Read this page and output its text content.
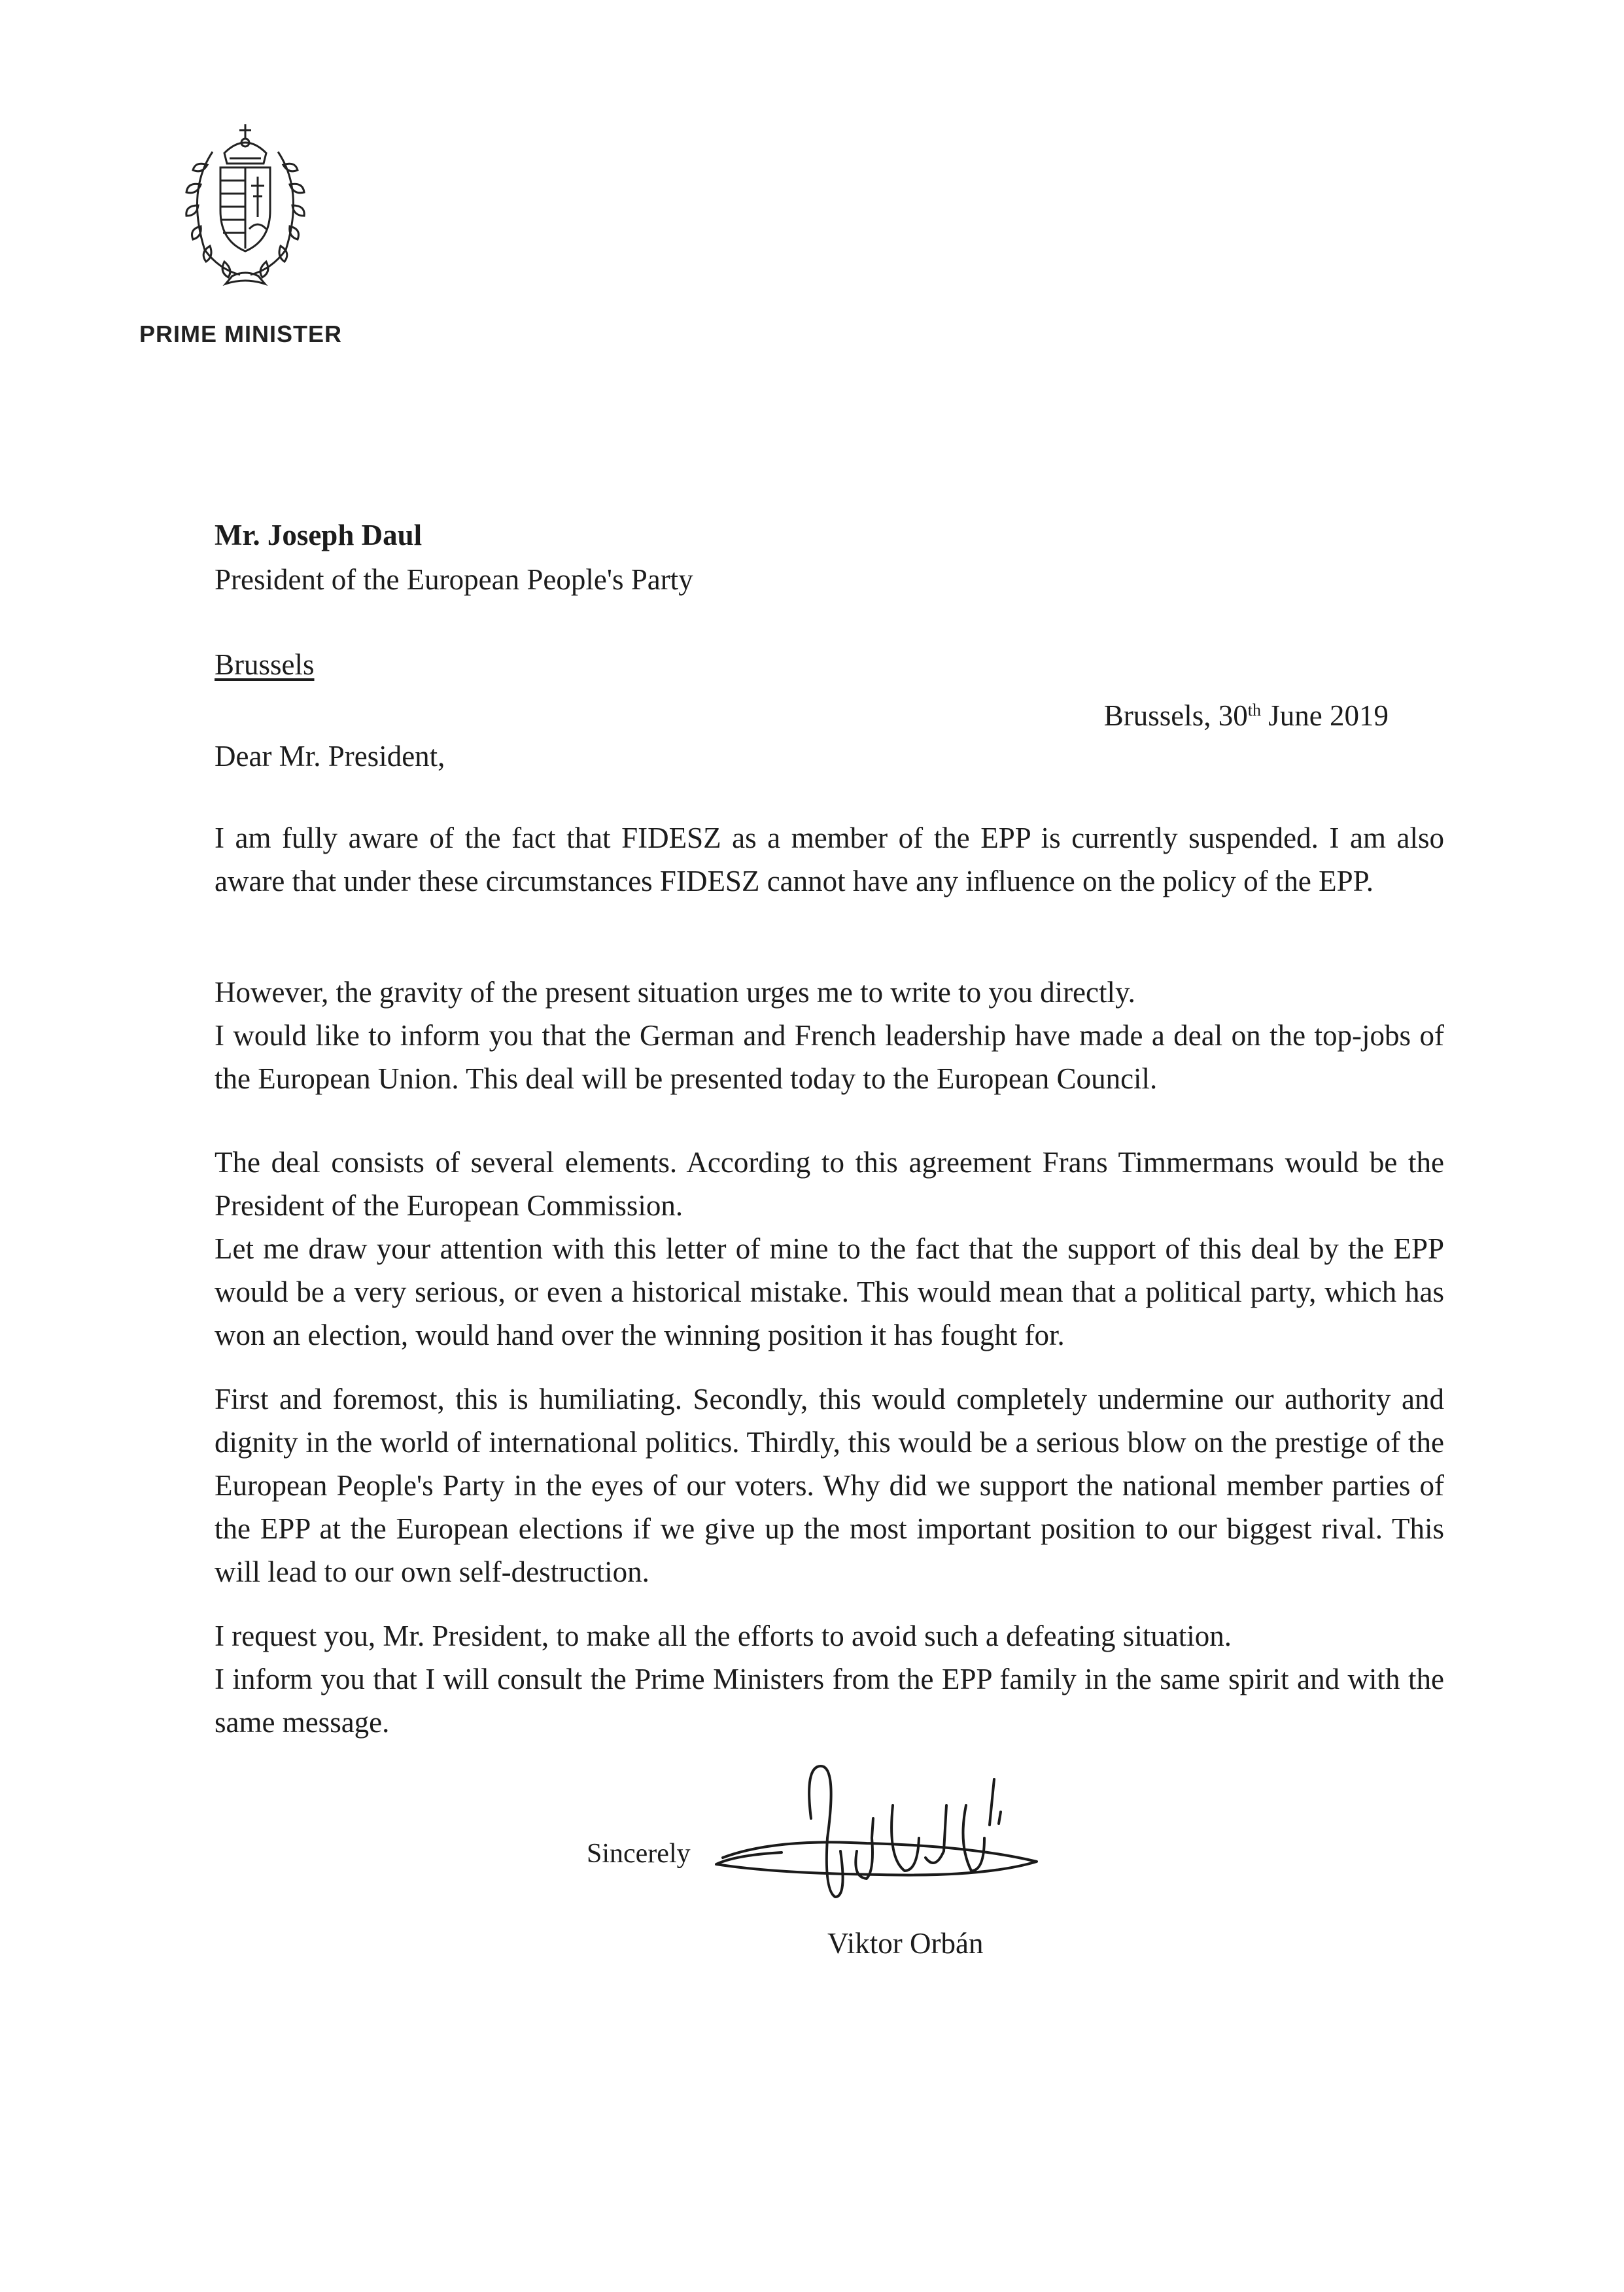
PRIME MINISTER
Mr. Joseph Daul
President of the European People's Party
Brussels
Brussels, 30th June 2019
Dear Mr. President,

I am fully aware of the fact that FIDESZ as a member of the EPP is currently suspended. I am also aware that under these circumstances FIDESZ cannot have any influence on the policy of the EPP.

However, the gravity of the present situation urges me to write to you directly.

I would like to inform you that the German and French leadership have made a deal on the top-jobs of the European Union. This deal will be presented today to the European Council.

The deal consists of several elements. According to this agreement Frans Timmermans would be the President of the European Commission.

Let me draw your attention with this letter of mine to the fact that the support of this deal by the EPP would be a very serious, or even a historical mistake. This would mean that a political party, which has won an election, would hand over the winning position it has fought for.

First and foremost, this is humiliating. Secondly, this would completely undermine our authority and dignity in the world of international politics. Thirdly, this would be a serious blow on the prestige of the European People's Party in the eyes of our voters. Why did we support the national member parties of the EPP at the European elections if we give up the most important position to our biggest rival. This will lead to our own self-destruction.

I request you, Mr. President, to make all the efforts to avoid such a defeating situation.

I inform you that I will consult the Prime Ministers from the EPP family in the same spirit and with the same message.

Sincerely
Viktor Orbán
